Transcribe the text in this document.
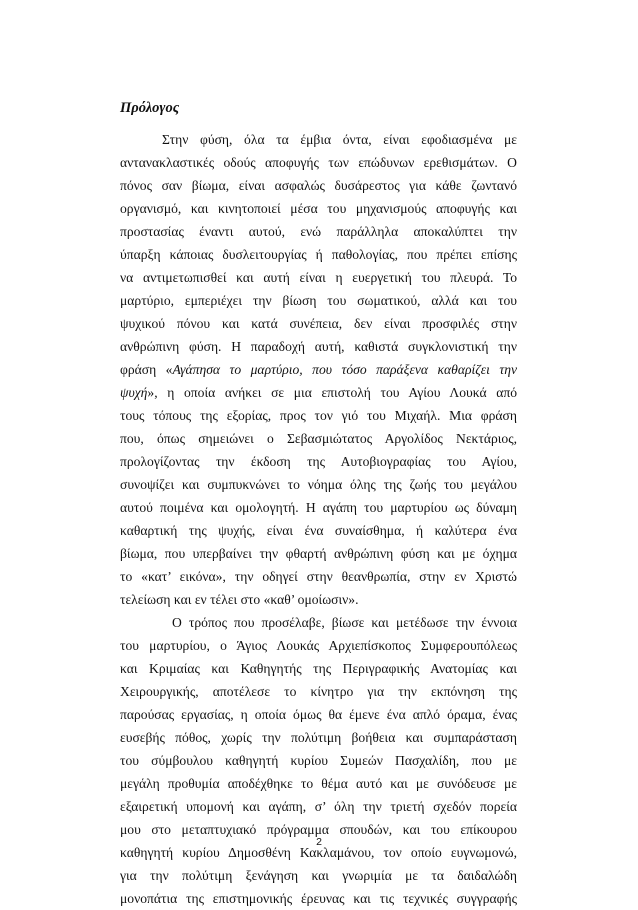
Πρόλογος

Στην φύση, όλα τα έμβια όντα, είναι εφοδιασμένα με

αντανακλαστικές οδούς αποφυγής των επώδυνων ερεθισμάτων. Ο

πόνος σαν βίωμα, είναι ασφαλώς δυσάρεστος για κάθε ζωντανό

οργανισμό, και κινητοποιεί μέσα του μηχανισμούς αποφυγής και

προστασίας έναντι αυτού, ενώ παράλληλα αποκαλύπτει την

ύπαρξη κάποιας δυσλειτουργίας ή παθολογίας, που πρέπει επίσης

να αντιμετωπισθεί και αυτή είναι η ευεργετική του πλευρά. Το

μαρτύριο, εμπεριέχει την βίωση του σωματικού, αλλά και του

ψυχικού πόνου και κατά συνέπεια, δεν είναι προσφιλές στην

ανθρώπινη φύση. Η παραδοχή αυτή, καθιστά συγκλονιστική την

φράση «Αγάπησα το μαρτύριο, που τόσο παράξενα καθαρίζει την

ψυχή», η οποία ανήκει σε μια επιστολή του Αγίου Λουκά από

τους τόπους της εξορίας, προς τον γιό του Μιχαήλ. Μια φράση

που, όπως σημειώνει ο Σεβασμιώτατος Αργολίδος Νεκτάριος,

προλογίζοντας την έκδοση της Αυτοβιογραφίας του Αγίου,

συνοψίζει και συμπυκνώνει το νόημα όλης της ζωής του μεγάλου

αυτού ποιμένα και ομολογητή. Η αγάπη του μαρτυρίου ως δύναμη

καθαρτική της ψυχής, είναι ένα συναίσθημα, ή καλύτερα ένα

βίωμα, που υπερβαίνει την φθαρτή ανθρώπινη φύση και με όχημα

το «κατ’ εικόνα», την οδηγεί στην θεανθρωπία, στην εν Χριστώ

τελείωση και εν τέλει στο «καθ’ ομοίωσιν».

Ο τρόπος που προσέλαβε, βίωσε και μετέδωσε την έννοια

του μαρτυρίου, ο Άγιος Λουκάς Αρχιεπίσκοπος Συμφερουπόλεως

και Κριμαίας και Καθηγητής της Περιγραφικής Ανατομίας και

Χειρουργικής, αποτέλεσε το κίνητρο για την εκπόνηση της

παρούσας εργασίας, η οποία όμως θα έμενε ένα απλό όραμα, ένας

ευσεβής πόθος, χωρίς την πολύτιμη βοήθεια και συμπαράσταση

του σύμβουλου καθηγητή κυρίου Συμεών Πασχαλίδη, που με

μεγάλη προθυμία αποδέχθηκε το θέμα αυτό και με συνόδευσε με

εξαιρετική υπομονή και αγάπη, σ’ όλη την τριετή σχεδόν πορεία

μου στο μεταπτυχιακό πρόγραμμα σπουδών, και του επίκουρου

καθηγητή κυρίου Δημοσθένη Κακλαμάνου, τον οποίο ευγνωμονώ,

για την πολύτιμη ξενάγηση και γνωριμία με τα δαιδαλώδη

μονοπάτια της επιστημονικής έρευνας και τις τεχνικές συγγραφής

2
